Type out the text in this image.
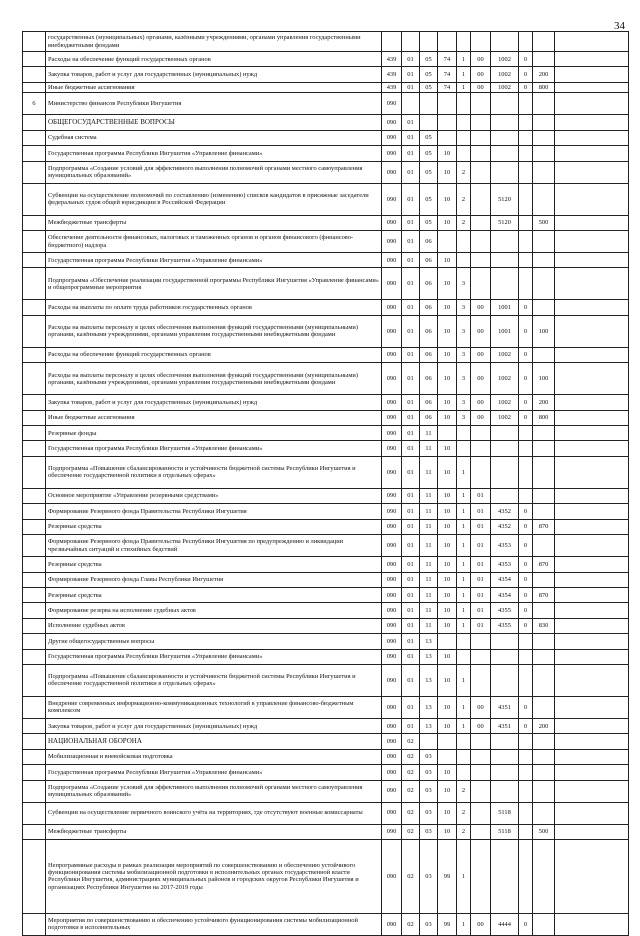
34
	государственных (муниципальных) органами, казёнными учреждениями, органами управления государственными внебюджетными фондами											
	Расходы на обеспечение функций государственных органов	439	01	05	74	1	00	1002	0			
	Закупка товаров, работ и услуг для государственных (муниципальных) нужд	439	01	05	74	1	00	1002	0	200		
	Иные бюджетные ассигнования	439	01	05	74	1	00	1002	0	800		
6	Министерство финансов Республики Ингушетия	090										
	ОБЩЕГОСУДАРСТВЕННЫЕ ВОПРОСЫ	090	01									
	Судебная система	090	01	05								
	Государственная программа Республики Ингушетия «Управление финансами»	090	01	05	10							
	Подпрограмма «Создание условий для эффективного выполнения полномочий органами местного самоуправления муниципальных образований»	090	01	05	10	2						
	Субвенции на осуществление полномочий по составлению (изменению) списков кандидатов в присяжные заседатели федеральных судов общей юрисдикции в Российской Федерации	090	01	05	10	2		5120				
	Межбюджетные трансферты	090	01	05	10	2		5120		500		
	Обеспечение деятельности финансовых, налоговых и таможенных органов и органов финансового (финансово-бюджетного) надзора	090	01	06								
	Государственная программа Республики Ингушетия «Управление финансами»	090	01	06	10							
	Подпрограмма «Обеспечение реализации государственной программы Республики Ингушетия «Управление финансами» и общепрограммные мероприятия	090	01	06	10	3						
	Расходы на выплаты по оплате труда работников государственных органов	090	01	06	10	3	00	1001	0			
	Расходы на выплаты персоналу в целях обеспечения выполнения функций государственными (муниципальными) органами, казёнными учреждениями, органами управления государственными внебюджетными фондами	090	01	06	10	3	00	1001	0	100		
	Расходы на обеспечение функций государственных органов	090	01	06	10	3	00	1002	0			
	Расходы на выплаты персоналу в целях обеспечения выполнения функций государственными (муниципальными) органами, казёнными учреждениями, органами управления государственными внебюджетными фондами	090	01	06	10	3	00	1002	0	100		
	Закупка товаров, работ и услуг для государственных (муниципальных) нужд	090	01	06	10	3	00	1002	0	200		
	Иные бюджетные ассигнования	090	01	06	10	3	00	1002	0	800		
	Резервные фонды	090	01	11								
	Государственная программа Республики Ингушетия «Управление финансами»	090	01	11	10							
	Подпрограмма «Повышение сбалансированности и устойчивости бюджетной системы Республики Ингушетия и обеспечение государственной политики в отдельных сферах»	090	01	11	10	1						
	Основное мероприятие «Управление резервными средствами»	090	01	11	10	1	01					
	Формирование Резервного фонда Правительства Республики Ингушетия	090	01	11	10	1	01	4352	0			
	Резервные средства	090	01	11	10	1	01	4352	0	870		
	Формирование Резервного фонда Правительства Республики Ингушетия по предупреждению и ликвидации чрезвычайных ситуаций и стихийных бедствий	090	01	11	10	1	01	4353	0			
	Резервные средства	090	01	11	10	1	01	4353	0	870		
	Формирование Резервного фонда Главы Республики Ингушетия	090	01	11	10	1	01	4354	0			
	Резервные средства	090	01	11	10	1	01	4354	0	870		
	Формирование резерва на исполнение судебных актов	090	01	11	10	1	01	4355	0			
	Исполнение судебных актов	090	01	11	10	1	01	4355	0	830		
	Другие общегосударственные вопросы	090	01	13								
	Государственная программа Республики Ингушетия «Управление финансами»	090	01	13	10							
	Подпрограмма «Повышение сбалансированности и устойчивости бюджетной системы Республики Ингушетия и обеспечение государственной политики в отдельных сферах»	090	01	13	10	1						
	Внедрение современных информационно-коммуникационных технологий в управление финансово-бюджетным комплексом	090	01	13	10	1	00	4351	0			
	Закупка товаров, работ и услуг для государственных (муниципальных) нужд	090	01	13	10	1	00	4351	0	200		
	НАЦИОНАЛЬНАЯ ОБОРОНА	090	02									
	Мобилизационная и вневойсковая подготовка	090	02	03								
	Государственная программа Республики Ингушетия «Управление финансами»	090	02	03	10							
	Подпрограмма «Создание условий для эффективного выполнения полномочий органами местного самоуправления муниципальных образований»	090	02	03	10	2						
	Субвенции на осуществление первичного воинского учёта на территориях, где отсутствуют военные комиссариаты	090	02	03	10	2		5118				
	Межбюджетные трансферты	090	02	03	10	2		5118		500		
	Непрограммные расходы в рамках реализации мероприятий по совершенствованию и обеспечению устойчивого функционирования системы мобилизационной подготовки в исполнительных органах государственной власти Республики Ингушетия, администрациях муниципальных районов и городских округов Республики Ингушетия и организациях Республики Ингушетия на 2017-2019 годы	090	02	03	99	1						
	Мероприятия по совершенствованию и обеспечению устойчивого функционирования системы мобилизационной подготовки в исполнительных	090	02	03	99	1	00	4444	0			
